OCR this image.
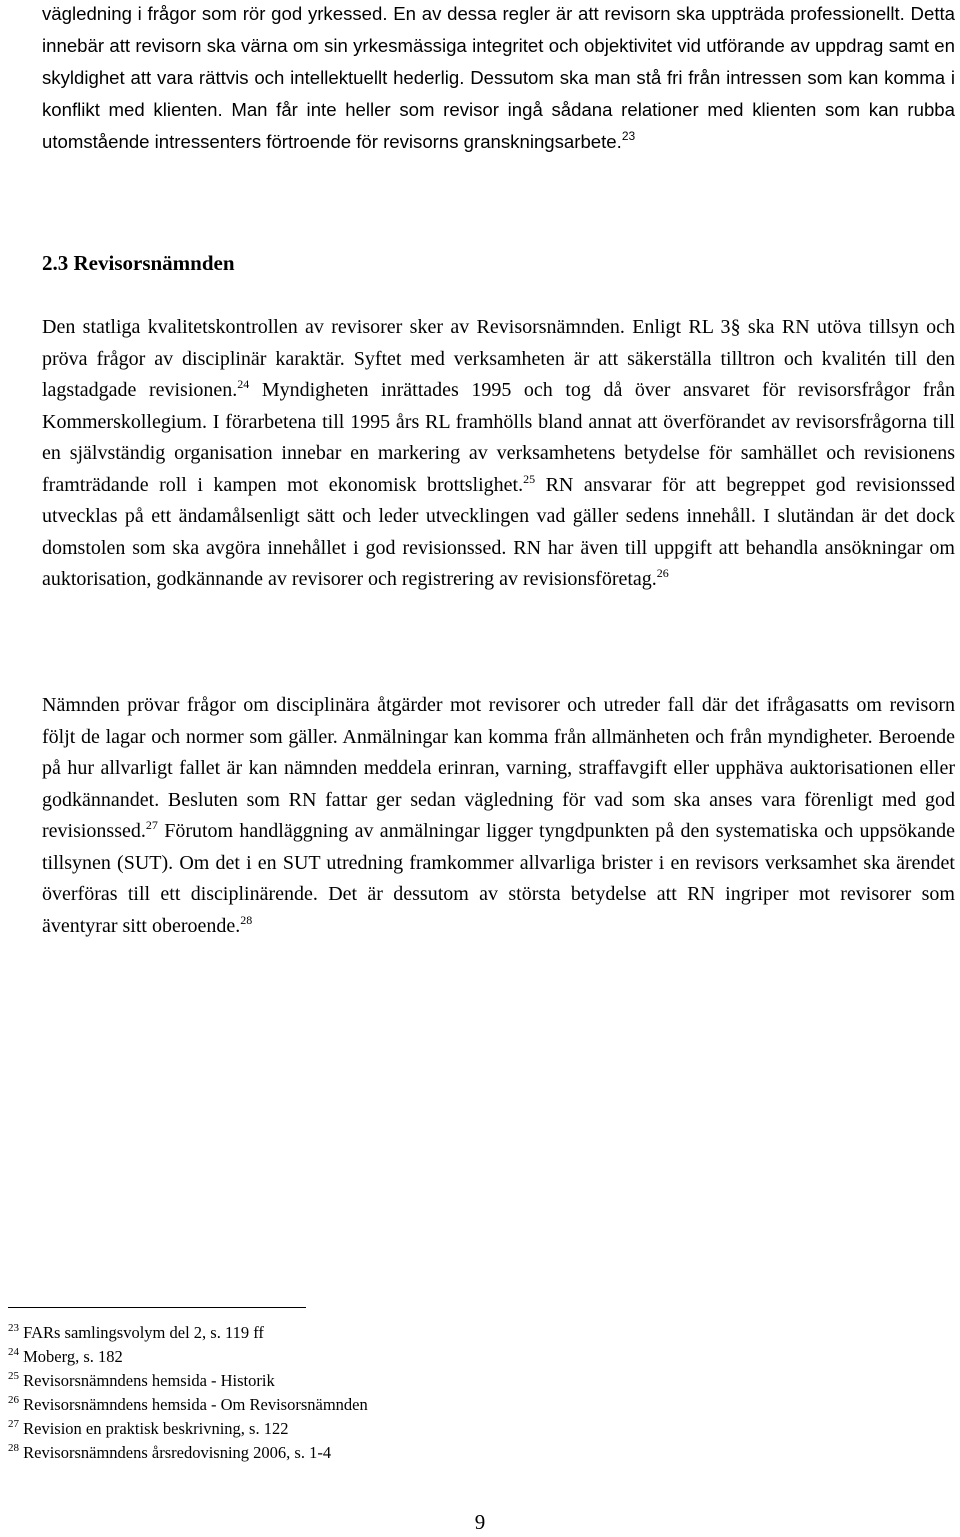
vägledning i frågor som rör god yrkessed. En av dessa regler är att revisorn ska uppträda professionellt. Detta innebär att revisorn ska värna om sin yrkesmässiga integritet och objektivitet vid utförande av uppdrag samt en skyldighet att vara rättvis och intellektuellt hederlig. Dessutom ska man stå fri från intressen som kan komma i konflikt med klienten. Man får inte heller som revisor ingå sådana relationer med klienten som kan rubba utomstående intressenters förtroende för revisorns granskningsarbete.$^{23}$

2.3 Revisorsnämnden

Den statliga kvalitetskontrollen av revisorer sker av Revisorsnämnden. Enligt RL 3§ ska RN utöva tillsyn och pröva frågor av disciplinär karaktär. Syftet med verksamheten är att säkerställa tilltron och kvalitén till den lagstadgade revisionen.$^{24}$ Myndigheten inrättades 1995 och tog då över ansvaret för revisorsfrågor från Kommerskollegium. I förarbetena till 1995 års RL framhölls bland annat att överförandet av revisorsfrågorna till en självständig organisation innebar en markering av verksamhetens betydelse för samhället och revisionens framträdande roll i kampen mot ekonomisk brottslighet.$^{25}$ RN ansvarar för att begreppet god revisionssed utvecklas på ett ändamålsenligt sätt och leder utvecklingen vad gäller sedens innehåll. I slutändan är det dock domstolen som ska avgöra innehållet i god revisionssed. RN har även till uppgift att behandla ansökningar om auktorisation, godkännande av revisorer och registrering av revisionsföretag.$^{26}$

Nämnden prövar frågor om disciplinära åtgärder mot revisorer och utreder fall där det ifrågasatts om revisorn följt de lagar och normer som gäller. Anmälningar kan komma från allmänheten och från myndigheter. Beroende på hur allvarligt fallet är kan nämnden meddela erinran, varning, straffavgift eller upphäva auktorisationen eller godkännandet. Besluten som RN fattar ger sedan vägledning för vad som ska anses vara förenligt med god revisionssed.$^{27}$ Förutom handläggning av anmälningar ligger tyngdpunkten på den systematiska och uppsökande tillsynen (SUT). Om det i en SUT utredning framkommer allvarliga brister i en revisors verksamhet ska ärendet överföras till ett disciplinärende. Det är dessutom av största betydelse att RN ingriper mot revisorer som äventyrar sitt oberoende.$^{28}$

$^{23}$ FARs samlingsvolym del 2, s. 119 ff
$^{24}$ Moberg, s. 182
$^{25}$ Revisorsnämndens hemsida - Historik
$^{26}$ Revisorsnämndens hemsida - Om Revisorsnämnden
$^{27}$ Revision en praktisk beskrivning, s. 122
$^{28}$ Revisorsnämndens årsredovisning 2006, s. 1-4
9
